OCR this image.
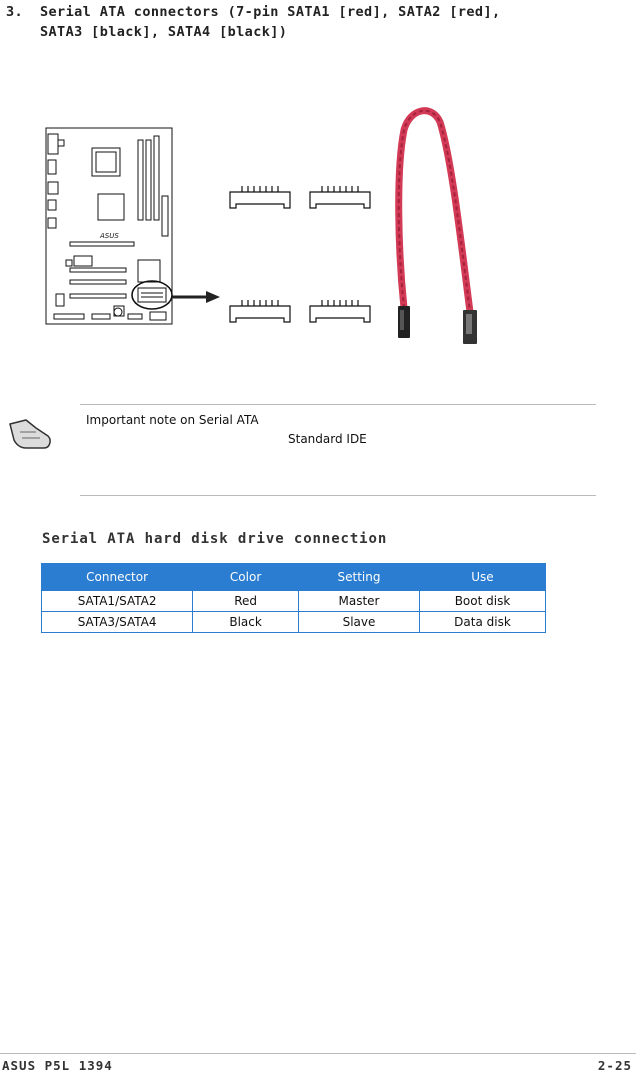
3. Serial ATA connectors (7-pin SATA1 [red], SATA2 [red],
SATA3 [black], SATA4 [black])
ASUS
Important note on Serial ATA
Standard IDE
Serial ATA hard disk drive connection
Connector	Color	Setting	Use
SATA1/SATA2	Red	Master	Boot disk
SATA3/SATA4	Black	Slave	Data disk
ASUS P5L 1394	2-25
